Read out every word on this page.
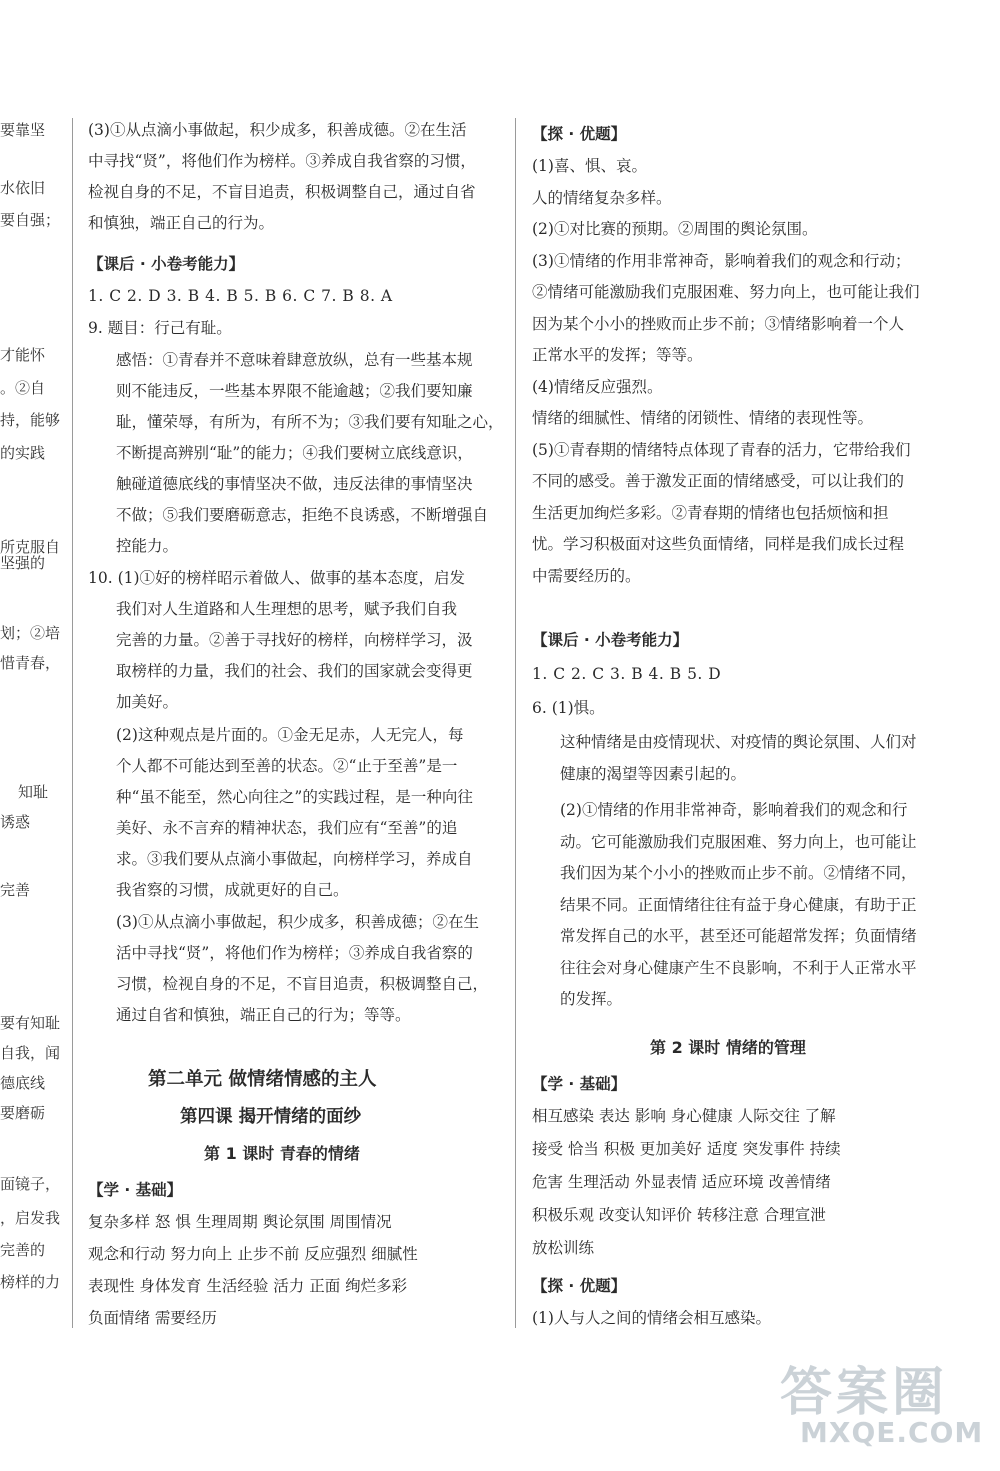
要靠坚
水依旧
要自强；
才能怀
。②自
持，能够
的实践
所克服自
坚强的
划；②培
惜青春，
知耻
诱惑
完善
要有知耻
自我，闻
德底线
要磨砺
面镜子，
，启发我
完善的
榜样的力
(3)①从点滴小事做起，积少成多，积善成德。②在生活
中寻找“贤”，将他们作为榜样。③养成自我省察的习惯，
检视自身的不足，不盲目追责，积极调整自己，通过自省
和慎独，端正自己的行为。
【课后 · 小卷考能力】
1. C 2. D 3. B 4. B 5. B 6. C 7. B 8. A
9. 题目：行己有耻。
感悟：①青春并不意味着肆意放纵，总有一些基本规
则不能违反，一些基本界限不能逾越；②我们要知廉
耻，懂荣辱，有所为，有所不为；③我们要有知耻之心，
不断提高辨别“耻”的能力；④我们要树立底线意识，
触碰道德底线的事情坚决不做，违反法律的事情坚决
不做；⑤我们要磨砺意志，拒绝不良诱惑，不断增强自
控能力。
10. (1)①好的榜样昭示着做人、做事的基本态度，启发
我们对人生道路和人生理想的思考，赋予我们自我
完善的力量。②善于寻找好的榜样，向榜样学习，汲
取榜样的力量，我们的社会、我们的国家就会变得更
加美好。
(2)这种观点是片面的。①金无足赤，人无完人，每
个人都不可能达到至善的状态。②“止于至善”是一
种“虽不能至，然心向往之”的实践过程，是一种向往
美好、永不言弃的精神状态，我们应有“至善”的追
求。③我们要从点滴小事做起，向榜样学习，养成自
我省察的习惯，成就更好的自己。
(3)①从点滴小事做起，积少成多，积善成德；②在生
活中寻找“贤”，将他们作为榜样；③养成自我省察的
习惯，检视自身的不足，不盲目追责，积极调整自己，
通过自省和慎独，端正自己的行为；等等。
第二单元 做情绪情感的主人
第四课 揭开情绪的面纱
第 1 课时 青春的情绪
【学 · 基础】
复杂多样 怒 惧 生理周期 舆论氛围 周围情况
观念和行动 努力向上 止步不前 反应强烈 细腻性
表现性 身体发育 生活经验 活力 正面 绚烂多彩
负面情绪 需要经历
【探 · 优题】
(1)喜、惧、哀。
人的情绪复杂多样。
(2)①对比赛的预期。②周围的舆论氛围。
(3)①情绪的作用非常神奇，影响着我们的观念和行动；
②情绪可能激励我们克服困难、努力向上，也可能让我们
因为某个小小的挫败而止步不前；③情绪影响着一个人
正常水平的发挥；等等。
(4)情绪反应强烈。
情绪的细腻性、情绪的闭锁性、情绪的表现性等。
(5)①青春期的情绪特点体现了青春的活力，它带给我们
不同的感受。善于激发正面的情绪感受，可以让我们的
生活更加绚烂多彩。②青春期的情绪也包括烦恼和担
忧。学习积极面对这些负面情绪，同样是我们成长过程
中需要经历的。
【课后 · 小卷考能力】
1. C 2. C 3. B 4. B 5. D
6. (1)惧。
这种情绪是由疫情现状、对疫情的舆论氛围、人们对
健康的渴望等因素引起的。
(2)①情绪的作用非常神奇，影响着我们的观念和行
动。它可能激励我们克服困难、努力向上，也可能让
我们因为某个小小的挫败而止步不前。②情绪不同，
结果不同。正面情绪往往有益于身心健康，有助于正
常发挥自己的水平，甚至还可能超常发挥；负面情绪
往往会对身心健康产生不良影响，不利于人正常水平
的发挥。
第 2 课时 情绪的管理
【学 · 基础】
相互感染 表达 影响 身心健康 人际交往 了解
接受 恰当 积极 更加美好 适度 突发事件 持续
危害 生理活动 外显表情 适应环境 改善情绪
积极乐观 改变认知评价 转移注意 合理宣泄
放松训练
【探 · 优题】
(1)人与人之间的情绪会相互感染。
答案圈
MXQE.COM
